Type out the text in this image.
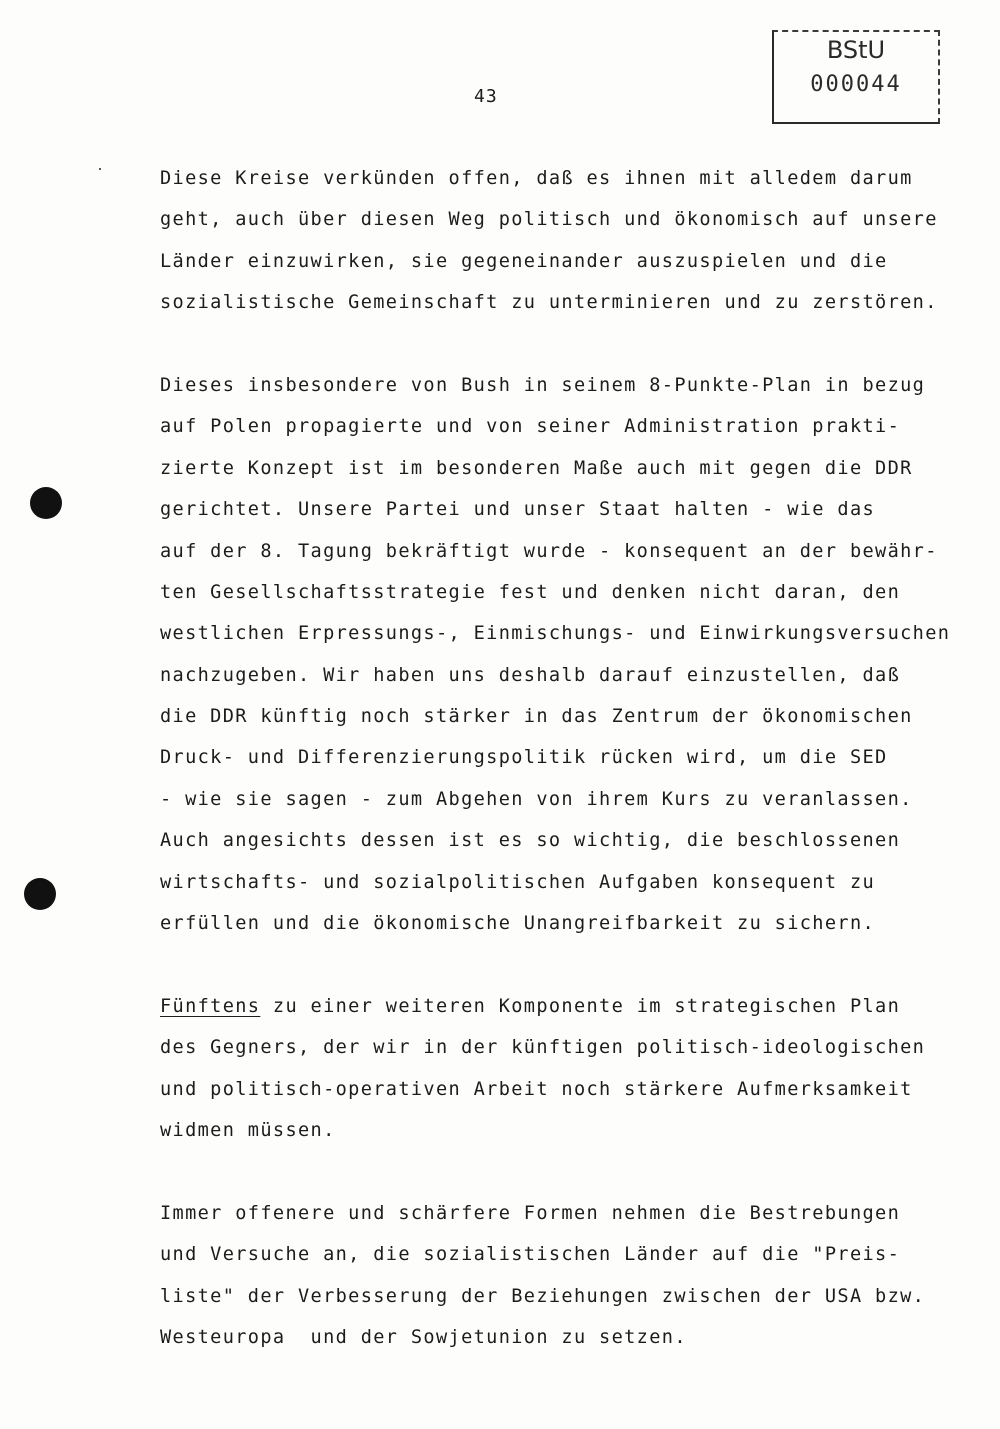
43
BStU
000044
Diese Kreise verkünden offen, daß es ihnen mit alledem darum
geht, auch über diesen Weg politisch und ökonomisch auf unsere
Länder einzuwirken, sie gegeneinander auszuspielen und die
sozialistische Gemeinschaft zu unterminieren und zu zerstören.
Dieses insbesondere von Bush in seinem 8-Punkte-Plan in bezug
auf Polen propagierte und von seiner Administration prakti-
zierte Konzept ist im besonderen Maße auch mit gegen die DDR
gerichtet. Unsere Partei und unser Staat halten - wie das
auf der 8. Tagung bekräftigt wurde - konsequent an der bewähr-
ten Gesellschaftsstrategie fest und denken nicht daran, den
westlichen Erpressungs-, Einmischungs- und Einwirkungsversuchen
nachzugeben. Wir haben uns deshalb darauf einzustellen, daß
die DDR künftig noch stärker in das Zentrum der ökonomischen
Druck- und Differenzierungspolitik rücken wird, um die SED
- wie sie sagen - zum Abgehen von ihrem Kurs zu veranlassen.
Auch angesichts dessen ist es so wichtig, die beschlossenen
wirtschafts- und sozialpolitischen Aufgaben konsequent zu
erfüllen und die ökonomische Unangreifbarkeit zu sichern.
Fünftens zu einer weiteren Komponente im strategischen Plan
des Gegners, der wir in der künftigen politisch-ideologischen
und politisch-operativen Arbeit noch stärkere Aufmerksamkeit
widmen müssen.
Immer offenere und schärfere Formen nehmen die Bestrebungen
und Versuche an, die sozialistischen Länder auf die "Preis-
liste" der Verbesserung der Beziehungen zwischen der USA bzw.
Westeuropa  und der Sowjetunion zu setzen.
